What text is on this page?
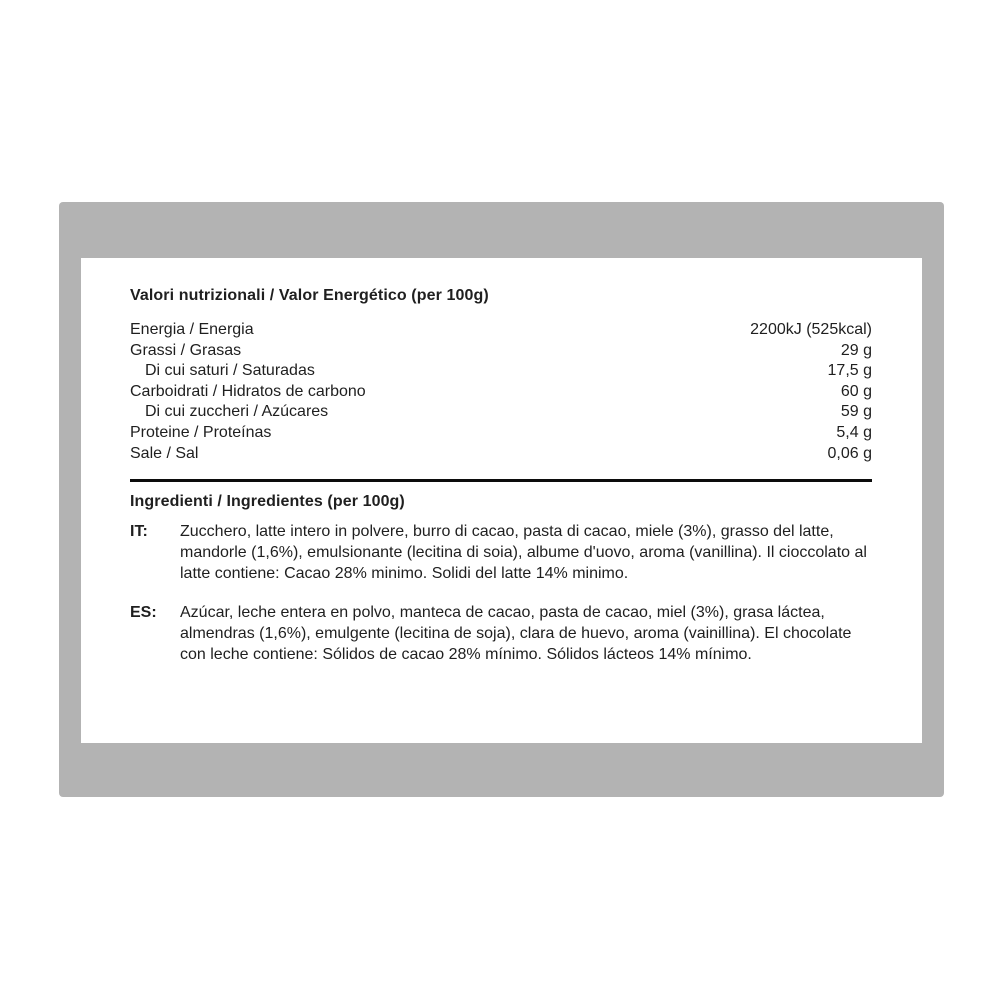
Valori nutrizionali / Valor Energético (per 100g)
Energia / Energia	2200kJ (525kcal)
Grassi / Grasas	29 g
Di cui saturi / Saturadas	17,5 g
Carboidrati / Hidratos de carbono	60 g
Di cui zuccheri / Azúcares	59 g
Proteine / Proteínas	5,4 g
Sale / Sal	0,06 g
Ingredienti / Ingredientes (per 100g)
IT:	Zucchero, latte intero in polvere, burro di cacao, pasta di cacao, miele (3%), grasso del latte, mandorle (1,6%), emulsionante (lecitina di soia), albume d'uovo, aroma (vanillina). Il cioccolato al latte contiene: Cacao 28% minimo. Solidi del latte 14% minimo.
ES:	Azúcar, leche entera en polvo, manteca de cacao, pasta de cacao, miel (3%), grasa láctea, almendras (1,6%), emulgente (lecitina de soja), clara de huevo, aroma (vainillina). El chocolate con leche contiene: Sólidos de cacao 28% mínimo. Sólidos lácteos 14% mínimo.
